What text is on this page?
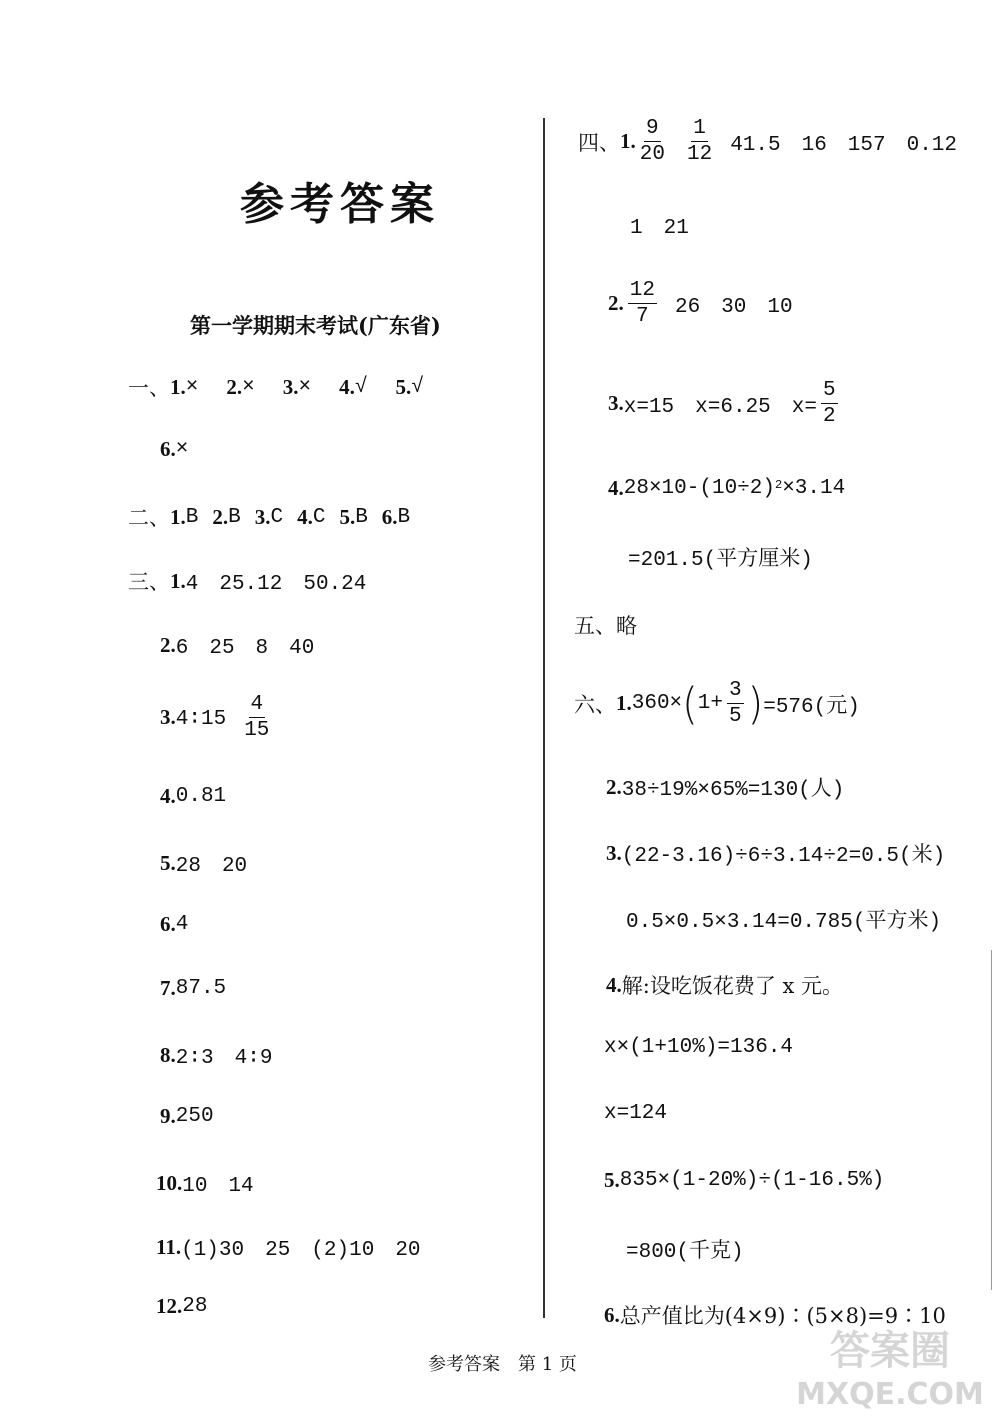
参考答案
第一学期期末考试(广东省)
一、 1. × 2. × 3. × 4. √ 5. √
6. ×
二、 1. B 2. B 3. C 4. C 5. B 6. B
三、 1. 4　25.12　50.24
2. 6　25　8　40
3. 4∶15 $\frac{4}{15}$
4. 0.81
5. 28　20
6. 4
7. 87.5
8. 2∶3　4∶9
9. 250
10. 10　14
11. (1)30　25　(2)10　20
12. 28
四、 1. $\frac{9}{20} \frac{1}{12} 41.5$　16　157　0.12
1　21
2. $\frac{12}{7} 26$　30　10
3. x=15　x=6.25　$x= \frac{5}{2}$
4. 28×10-(10÷2) 2 ×3.14
=201.5(平方厘米)
五、略
六、 1. 360× ( $1+ \frac{3}{5}$ ) =576(元)
2. 38÷19%×65%=130(人)
3. (22-3.16)÷6÷3.14÷2=0.5(米)
0.5×0.5×3.14=0.785(平方米)
4. 解:设吃饭花费了 x 元。
x×(1+10%)=136.4
x=124
5. 835×(1-20%)÷(1-16.5%)
=800(千克)
6. 总产值比为(4×9)∶(5×8)=9∶10
参考答案　第 1 页	答案圈
MXQE.COM
